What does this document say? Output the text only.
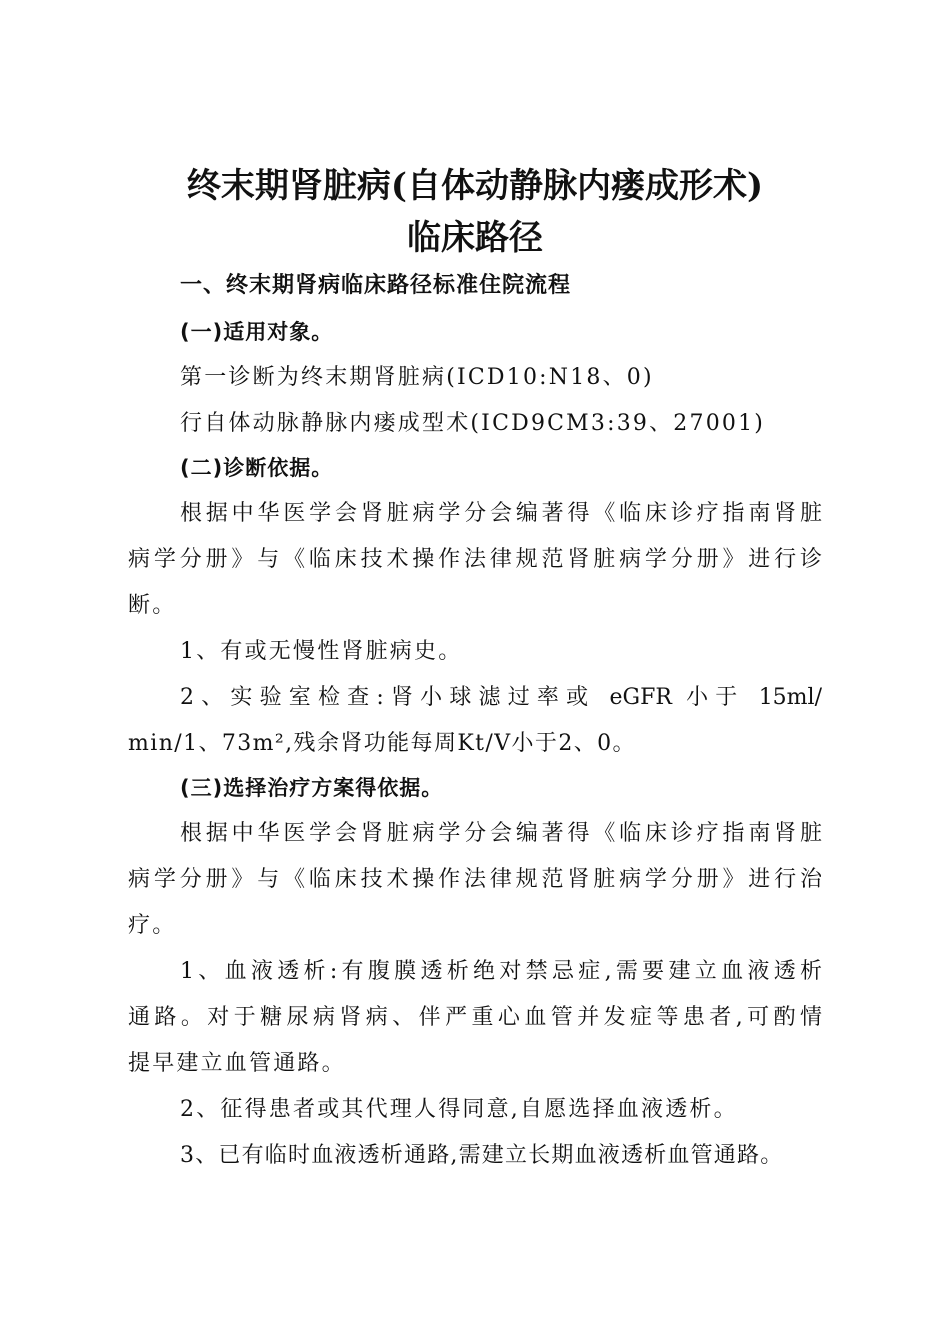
终末期肾脏病(自体动静脉内瘘成形术)
临床路径
一、终末期肾病临床路径标准住院流程
(一)适用对象。
第一诊断为终末期肾脏病(ICD10:N18、0)
行自体动脉静脉内瘘成型术(ICD9CM3:39、27001)
(二)诊断依据。
根据中华医学会肾脏病学分会编著得《临床诊疗指南肾脏
病学分册》与《临床技术操作法律规范肾脏病学分册》进行诊
断。
1、有或无慢性肾脏病史。
2、实验室检查:肾小球滤过率或 eGFR 小于 15ml/
min/1、73m²,残余肾功能每周Kt/V小于2、0。
(三)选择治疗方案得依据。
根据中华医学会肾脏病学分会编著得《临床诊疗指南肾脏
病学分册》与《临床技术操作法律规范肾脏病学分册》进行治
疗。
1、血液透析:有腹膜透析绝对禁忌症,需要建立血液透析
通路。对于糖尿病肾病、伴严重心血管并发症等患者,可酌情
提早建立血管通路。
2、征得患者或其代理人得同意,自愿选择血液透析。
3、已有临时血液透析通路,需建立长期血液透析血管通路。
